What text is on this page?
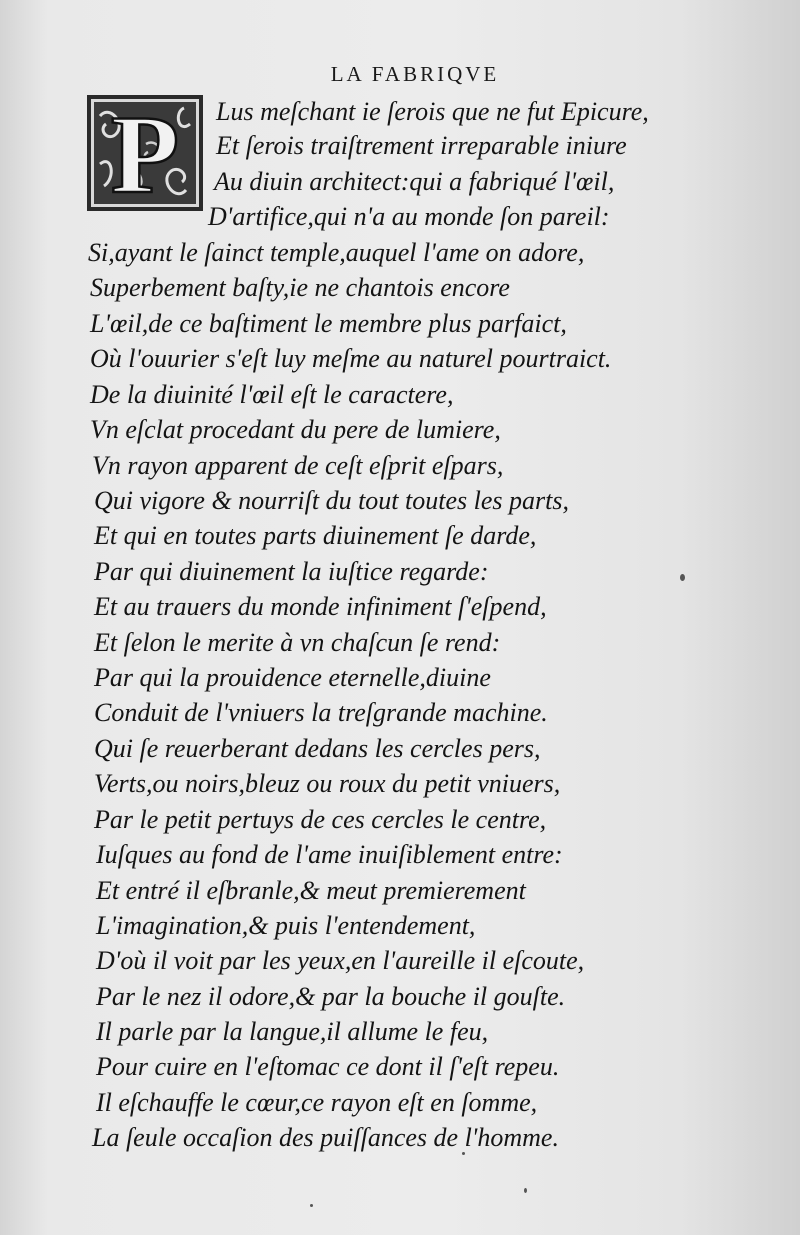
LA FABRIQVE
P Lus meſchant ie ſerois que ne fut Epicure,
Et ſerois traiſtrement irreparable iniure
Au diuin architect:qui a fabriqué l'œil,
D'artifice,qui n'a au monde ſon pareil:
Si,ayant le ſainct temple,auquel l'ame on adore,
Superbement baſty,ie ne chantois encore
L'œil,de ce baſtiment le membre plus parfaict,
Où l'ouurier s'eſt luy meſme au naturel pourtraict.
De la diuinité l'œil eſt le caractere,
Vn eſclat procedant du pere de lumiere,
Vn rayon apparent de ceſt eſprit eſpars,
Qui vigore & nourriſt du tout toutes les parts,
Et qui en toutes parts diuinement ſe darde,
Par qui diuinement la iuſtice regarde:
Et au trauers du monde infiniment ſ'eſpend,
Et ſelon le merite à vn chaſcun ſe rend:
Par qui la prouidence eternelle,diuine
Conduit de l'vniuers la treſgrande machine.
Qui ſe reuerberant dedans les cercles pers,
Verts,ou noirs,bleuz ou roux du petit vniuers,
Par le petit pertuys de ces cercles le centre,
Iuſques au fond de l'ame inuiſiblement entre:
Et entré il eſbranle,& meut premierement
L'imagination,& puis l'entendement,
D'où il voit par les yeux,en l'aureille il eſcoute,
Par le nez il odore,& par la bouche il gouſte.
Il parle par la langue,il allume le feu,
Pour cuire en l'eſtomac ce dont il ſ'eſt repeu.
Il eſchauffe le cœur,ce rayon eſt en ſomme,
La ſeule occaſion des puiſſances de l'homme.
